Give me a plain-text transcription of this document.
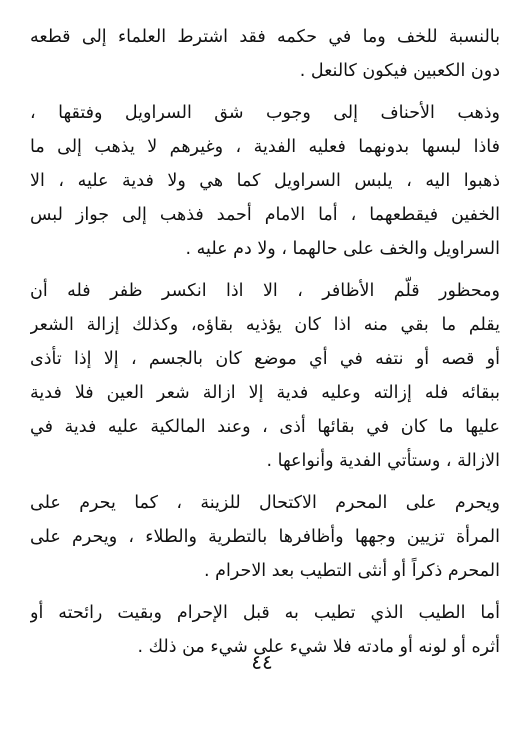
بالنسبة للخف وما في حكمه فقد اشترط العلماء إلى قطعه
دون الكعبين فيكون كالنعل .
وذهب الأحناف إلى وجوب شق السراويل وفتقها ،
فاذا لبسها بدونهما فعليه الفدية ، وغيرهم لا يذهب إلى ما
ذهبوا اليه ، يلبس السراويل كما هي ولا فدية عليه ، الا
الخفين فيقطعهما ، أما الامام أحمد فذهب إلى جواز لبس
السراويل والخف على حالهما ، ولا دم عليه .
ومحظور قلّم الأظافر ، الا اذا انكسر ظفر فله أن
يقلم ما بقي منه اذا كان يؤذيه بقاؤه، وكذلك إزالة الشعر
أو قصه أو نتفه في أي موضع كان بالجسم ، إلا إذا تأذى
ببقائه فله إزالته وعليه فدية إلا ازالة شعر العين فلا فدية
عليها ما كان في بقائها أذى ، وعند المالكية عليه فدية في
الازالة ، وستأتي الفدية وأنواعها .
ويحرم على المحرم الاكتحال للزينة ، كما يحرم على
المرأة تزيين وجهها وأظافرها بالتطرية والطلاء ، ويحرم على
المحرم ذكراً أو أنثى التطيب بعد الاحرام .
أما الطيب الذي تطيب به قبل الإحرام وبقيت رائحته أو
أثره أو لونه أو مادته فلا شيء على شيء من ذلك .
٤٤
